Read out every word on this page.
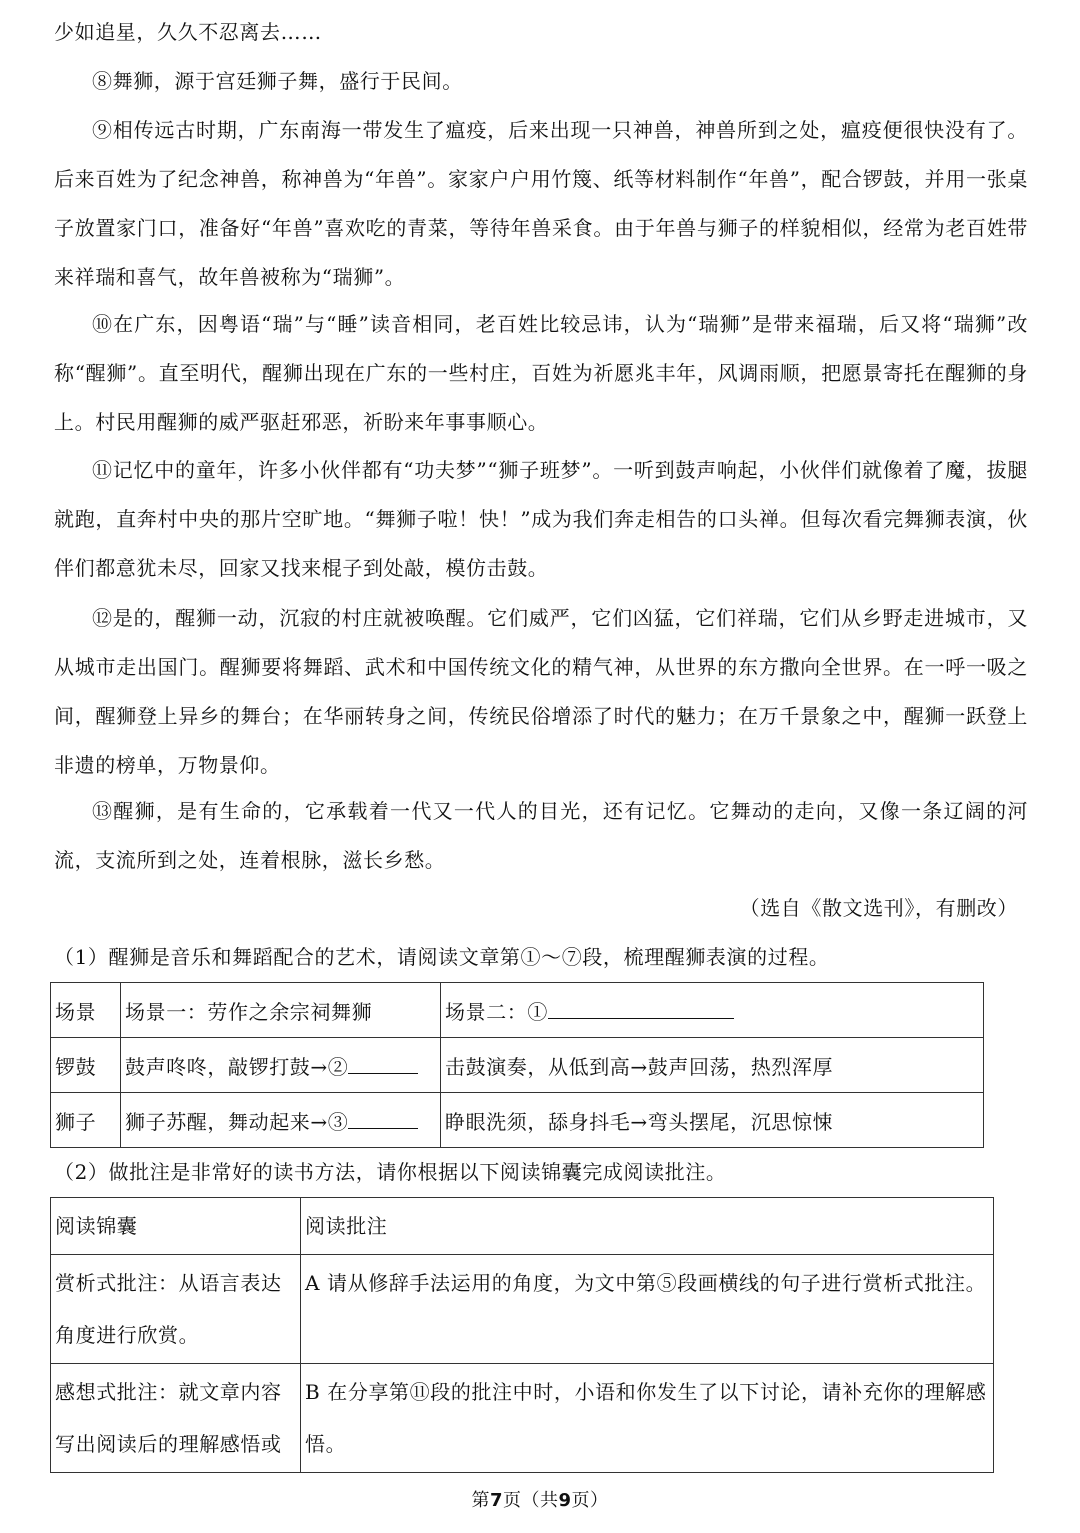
少如追星，久久不忍离去……

⑧舞狮，源于宫廷狮子舞，盛行于民间。

⑨相传远古时期，广东南海一带发生了瘟疫，后来出现一只神兽，神兽所到之处，瘟疫便很快没有了。后来百姓为了纪念神兽，称神兽为“年兽”。家家户户用竹篾、纸等材料制作“年兽”，配合锣鼓，并用一张桌子放置家门口，准备好“年兽”喜欢吃的青菜，等待年兽采食。由于年兽与狮子的样貌相似，经常为老百姓带来祥瑞和喜气，故年兽被称为“瑞狮”。

⑩在广东，因粤语“瑞”与“睡”读音相同，老百姓比较忌讳，认为“瑞狮”是带来福瑞，后又将“瑞狮”改称“醒狮”。直至明代，醒狮出现在广东的一些村庄，百姓为祈愿兆丰年，风调雨顺，把愿景寄托在醒狮的身上。村民用醒狮的威严驱赶邪恶，祈盼来年事事顺心。

⑪记忆中的童年，许多小伙伴都有“功夫梦”“狮子班梦”。一听到鼓声响起，小伙伴们就像着了魔，拔腿就跑，直奔村中央的那片空旷地。“舞狮子啦！快！”成为我们奔走相告的口头禅。但每次看完舞狮表演，伙伴们都意犹未尽，回家又找来棍子到处敲，模仿击鼓。

⑫是的，醒狮一动，沉寂的村庄就被唤醒。它们威严，它们凶猛，它们祥瑞，它们从乡野走进城市，又从城市走出国门。醒狮要将舞蹈、武术和中国传统文化的精气神，从世界的东方撒向全世界。在一呼一吸之间，醒狮登上异乡的舞台；在华丽转身之间，传统民俗增添了时代的魅力；在万千景象之中，醒狮一跃登上非遗的榜单，万物景仰。

⑬醒狮，是有生命的，它承载着一代又一代人的目光，还有记忆。它舞动的走向，又像一条辽阔的河流，支流所到之处，连着根脉，滋长乡愁。

（选自《散文选刊》，有删改）
（1）醒狮是音乐和舞蹈配合的艺术，请阅读文章第①～⑦段，梳理醒狮表演的过程。
场景	场景一：劳作之余宗祠舞狮	场景二：①
锣鼓	鼓声咚咚，敲锣打鼓→②	击鼓演奏，从低到高→鼓声回荡，热烈浑厚
狮子	狮子苏醒，舞动起来→③	睁眼洗须，舔身抖毛→弯头摆尾，沉思惊悚
（2）做批注是非常好的读书方法，请你根据以下阅读锦囊完成阅读批注。
阅读锦囊	阅读批注
赏析式批注：从语言表达角度进行欣赏。	A 请从修辞手法运用的角度，为文中第⑤段画横线的句子进行赏析式批注。
感想式批注：就文章内容写出阅读后的理解感悟或	B 在分享第⑪段的批注中时，小语和你发生了以下讨论，请补充你的理解感悟。
第7页（共9页）
